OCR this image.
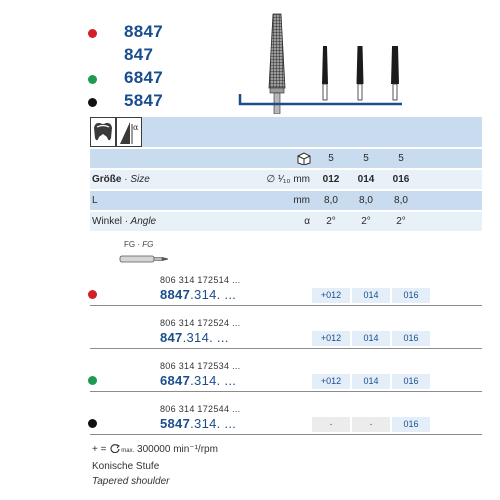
8847
847
6847
5847
α
5	5	5
Größe · Size	∅ ¹⁄₁₀ mm	012	014	016
L	mm	8,0	8,0	8,0
Winkel · Angle	α	2°	2°	2°
FG · FG
806 314 172514 ...
8847.314. ...	+012	014	016
806 314 172524 ...
847.314. ...	+012	014	016
806 314 172534 ...
6847.314. ...	+012	014	016
806 314 172544 ...
5847.314. ...	-	-	016
+ = max. 300000 min⁻¹/rpm
Konische Stufe
Tapered shoulder
